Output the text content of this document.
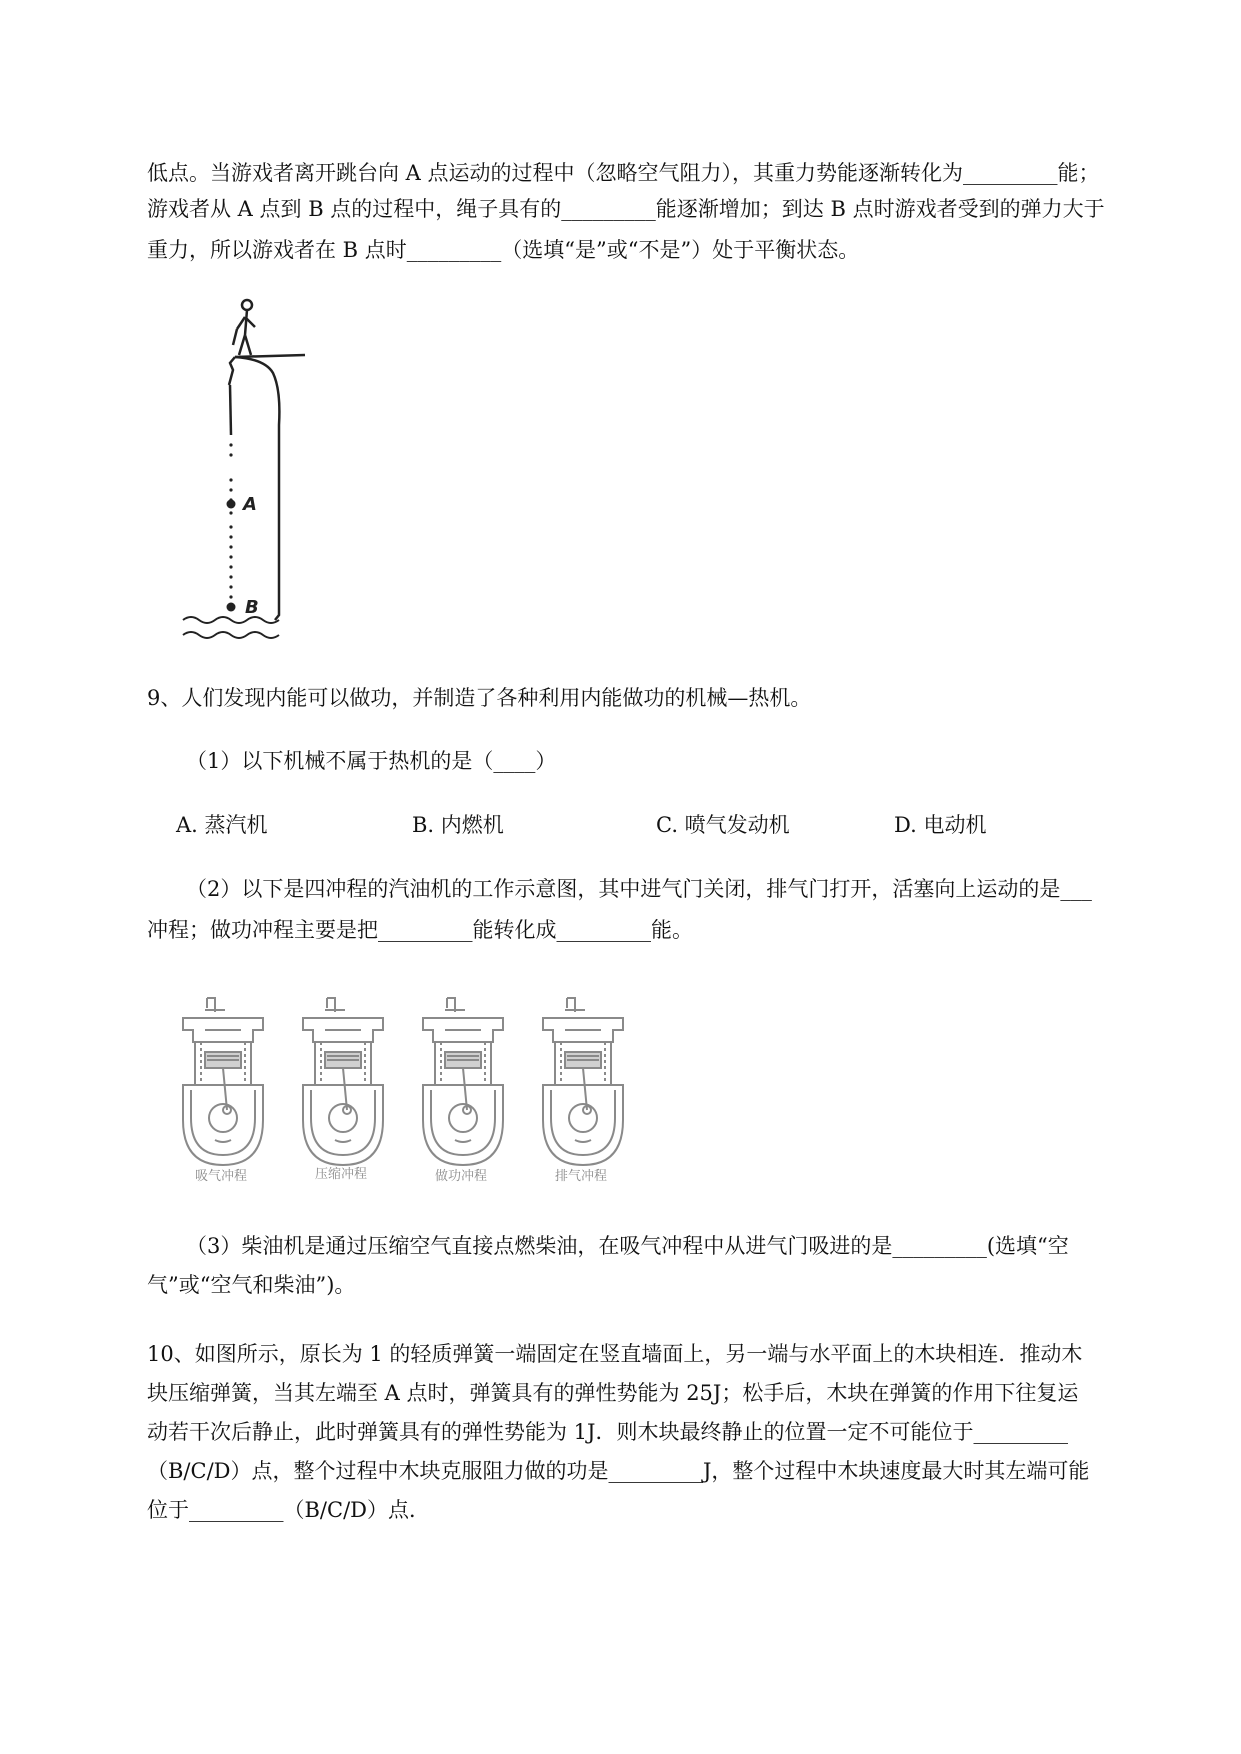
低点。当游戏者离开跳台向 A 点运动的过程中（忽略空气阻力），其重力势能逐渐转化为_________能；
游戏者从 A 点到 B 点的过程中，绳子具有的_________能逐渐增加；到达 B 点时游戏者受到的弹力大于
重力，所以游戏者在 B 点时_________（选填“是”或“不是”）处于平衡状态。
A
B
9、人们发现内能可以做功，并制造了各种利用内能做功的机械—热机。
（1）以下机械不属于热机的是（____）
A. 蒸汽机	B. 内燃机	C. 喷气发动机	D. 电动机
（2）以下是四冲程的汽油机的工作示意图，其中进气门关闭，排气门打开，活塞向上运动的是___
冲程；做功冲程主要是把_________能转化成_________能。
吸气冲程	压缩冲程	做功冲程	排气冲程
（3）柴油机是通过压缩空气直接点燃柴油，在吸气冲程中从进气门吸进的是_________(选填“空
气”或“空气和柴油”)。
10、如图所示，原长为 1 的轻质弹簧一端固定在竖直墙面上，另一端与水平面上的木块相连．推动木
块压缩弹簧，当其左端至 A 点时，弹簧具有的弹性势能为 25J；松手后，木块在弹簧的作用下往复运
动若干次后静止，此时弹簧具有的弹性势能为 1J．则木块最终静止的位置一定不可能位于_________
（B/C/D）点，整个过程中木块克服阻力做的功是_________J，整个过程中木块速度最大时其左端可能
位于_________（B/C/D）点．
